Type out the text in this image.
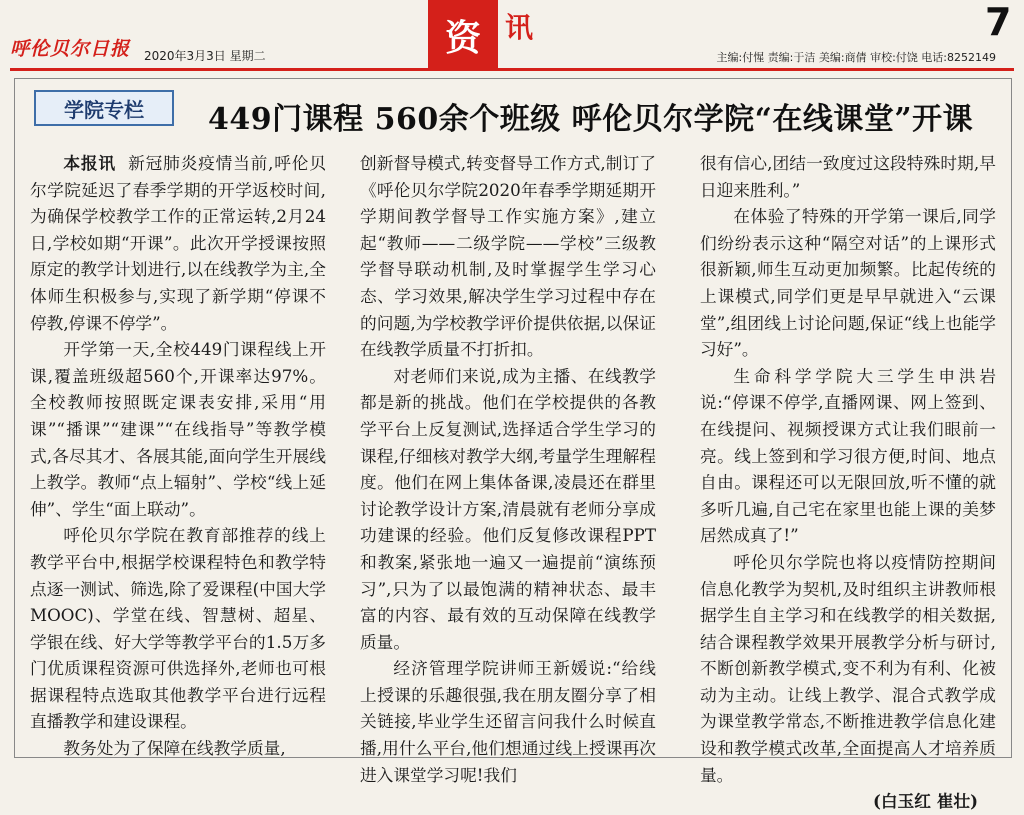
呼伦贝尔日报 2020年3月3日 星期二	资 讯	7
主编:付惺 责编:于洁 美编:商倩 审校:付饶 电话:8252149
学院专栏	449门课程 560余个班级 呼伦贝尔学院“在线课堂”开课

本报讯 新冠肺炎疫情当前,呼伦贝尔学院延迟了春季学期的开学返校时间,为确保学校教学工作的正常运转,2月24日,学校如期“开课”。此次开学授课按照原定的教学计划进行,以在线教学为主,全体师生积极参与,实现了新学期“停课不停教,停课不停学”。

开学第一天,全校449门课程线上开课,覆盖班级超560个,开课率达97%。全校教师按照既定课表安排,采用“用课”“播课”“建课”“在线指导”等教学模式,各尽其才、各展其能,面向学生开展线上教学。教师“点上辐射”、学校“线上延伸”、学生“面上联动”。

呼伦贝尔学院在教育部推荐的线上教学平台中,根据学校课程特色和教学特点逐一测试、筛选,除了爱课程(中国大学MOOC)、学堂在线、智慧树、超星、学银在线、好大学等教学平台的1.5万多门优质课程资源可供选择外,老师也可根据课程特点选取其他教学平台进行远程直播教学和建设课程。

教务处为了保障在线教学质量,

创新督导模式,转变督导工作方式,制订了《呼伦贝尔学院2020年春季学期延期开学期间教学督导工作实施方案》,建立起“教师——二级学院——学校”三级教学督导联动机制,及时掌握学生学习心态、学习效果,解决学生学习过程中存在的问题,为学校教学评价提供依据,以保证在线教学质量不打折扣。

对老师们来说,成为主播、在线教学都是新的挑战。他们在学校提供的各教学平台上反复测试,选择适合学生学习的课程,仔细核对教学大纲,考量学生理解程度。他们在网上集体备课,凌晨还在群里讨论教学设计方案,清晨就有老师分享成功建课的经验。他们反复修改课程PPT和教案,紧张地一遍又一遍提前“演练预习”,只为了以最饱满的精神状态、最丰富的内容、最有效的互动保障在线教学质量。

经济管理学院讲师王新媛说:“给线上授课的乐趣很强,我在朋友圈分享了相关链接,毕业学生还留言问我什么时候直播,用什么平台,他们想通过线上授课再次进入课堂学习呢!我们

很有信心,团结一致度过这段特殊时期,早日迎来胜利。”

在体验了特殊的开学第一课后,同学们纷纷表示这种“隔空对话”的上课形式很新颖,师生互动更加频繁。比起传统的上课模式,同学们更是早早就进入“云课堂”,组团线上讨论问题,保证“线上也能学习好”。

生命科学学院大三学生申洪岩说:“停课不停学,直播网课、网上签到、在线提问、视频授课方式让我们眼前一亮。线上签到和学习很方便,时间、地点自由。课程还可以无限回放,听不懂的就多听几遍,自己宅在家里也能上课的美梦居然成真了!”

呼伦贝尔学院也将以疫情防控期间信息化教学为契机,及时组织主讲教师根据学生自主学习和在线教学的相关数据,结合课程教学效果开展教学分析与研讨,不断创新教学模式,变不利为有利、化被动为主动。让线上教学、混合式教学成为课堂教学常态,不断推进教学信息化建设和教学模式改革,全面提高人才培养质量。

(白玉红 崔壮)
